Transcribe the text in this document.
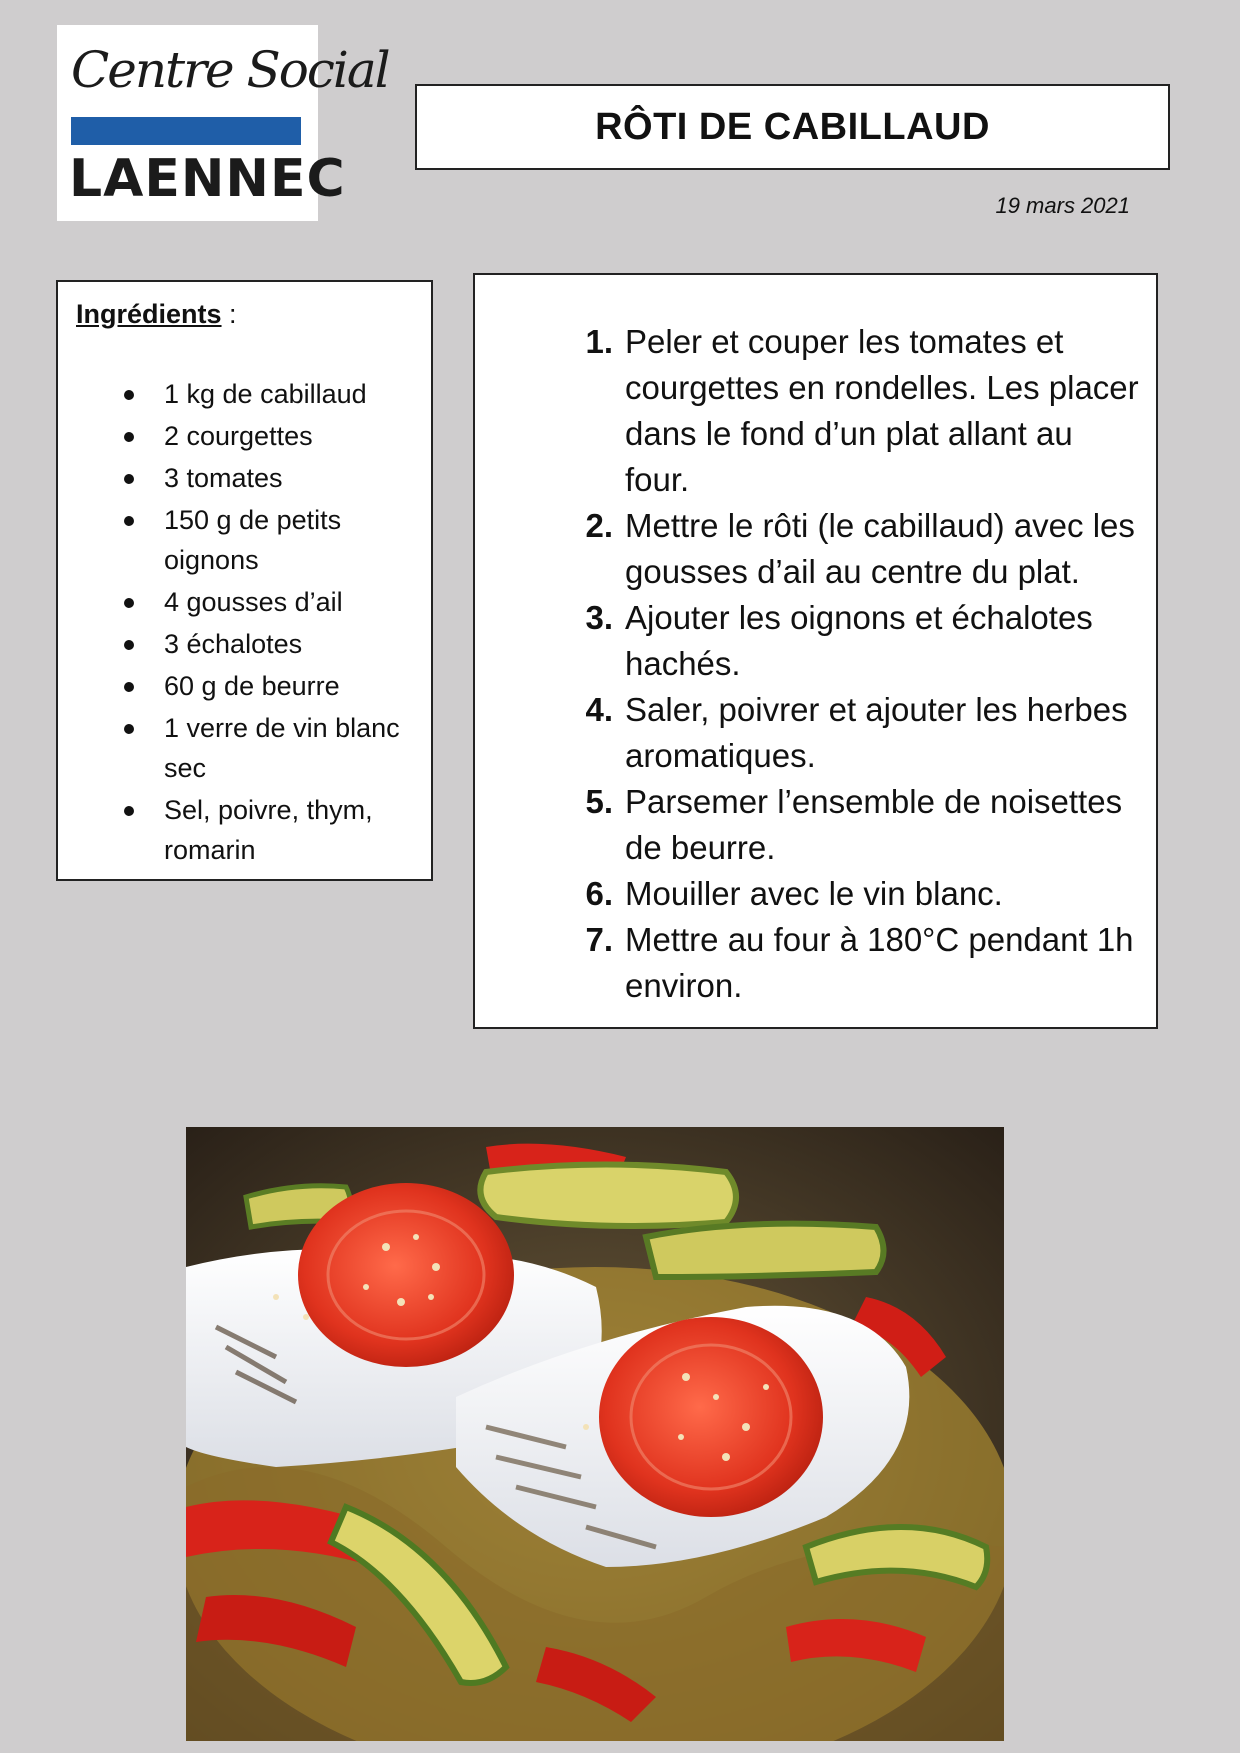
Centre Social
LAENNEC
RÔTI DE CABILLAUD
19 mars 2021

Ingrédients :

1 kg de cabillaud
2 courgettes
3 tomates
150 g de petits oignons
4 gousses d’ail
3 échalotes
60 g de beurre
1 verre de vin blanc sec
Sel, poivre, thym, romarin
1. Peler et couper les tomates et courgettes en rondelles. Les placer dans le fond d’un plat allant au four.
2. Mettre le rôti (le cabillaud) avec les gousses d’ail au centre du plat.
3. Ajouter les oignons et échalotes hachés.
4. Saler, poivrer et ajouter les herbes aromatiques.
5. Parsemer l’ensemble de noisettes de beurre.
6. Mouiller avec le vin blanc.
7. Mettre au four à 180°C pendant 1h environ.
